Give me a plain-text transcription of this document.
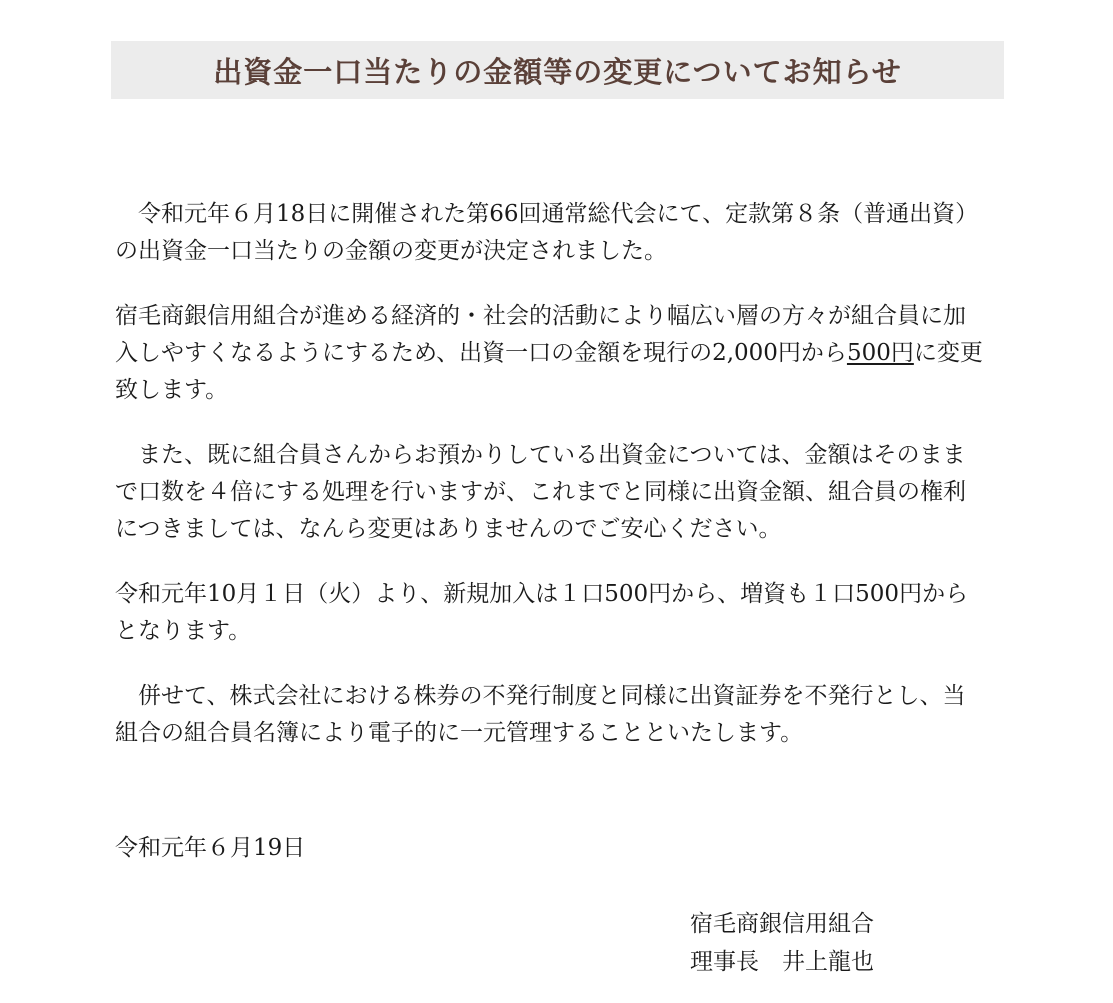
出資金一口当たりの金額等の変更についてお知らせ

令和元年６月18日に開催された第66回通常総代会にて、定款第８条（普通出資）の出資金一口当たりの金額の変更が決定されました。

宿毛商銀信用組合が進める経済的・社会的活動により幅広い層の方々が組合員に加入しやすくなるようにするため、出資一口の金額を現行の2,000円から500円に変更致します。

また、既に組合員さんからお預かりしている出資金については、金額はそのままで口数を４倍にする処理を行いますが、これまでと同様に出資金額、組合員の権利につきましては、なんら変更はありませんのでご安心ください。

令和元年10月１日（火）より、新規加入は１口500円から、増資も１口500円からとなります。

併せて、株式会社における株券の不発行制度と同様に出資証券を不発行とし、当組合の組合員名簿により電子的に一元管理することといたします。

令和元年６月19日

宿毛商銀信用組合
理事長　井上龍也
